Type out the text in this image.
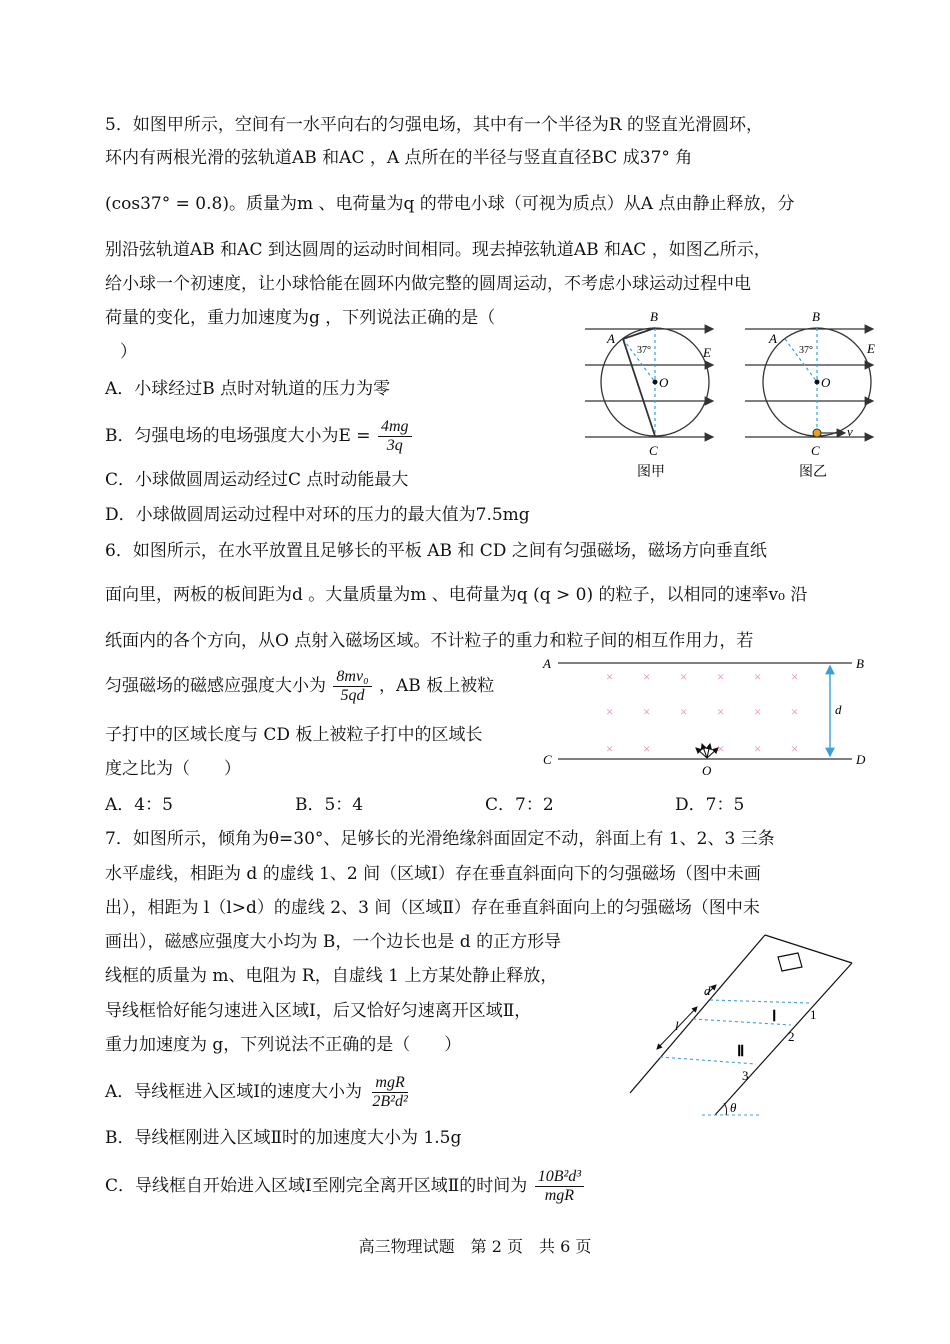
5．如图甲所示，空间有一水平向右的匀强电场，其中有一个半径为R 的竖直光滑圆环，
环内有两根光滑的弦轨道AB 和AC ，A 点所在的半径与竖直直径BC 成37° 角
(cos37° = 0.8)。质量为m 、电荷量为q 的带电小球（可视为质点）从A 点由静止释放，分
别沿弦轨道AB 和AC 到达圆周的运动时间相同。现去掉弦轨道AB 和AC ，如图乙所示，
给小球一个初速度，让小球恰能在圆环内做完整的圆周运动，不考虑小球运动过程中电
荷量的变化，重力加速度为g ，下列说法正确的是（
）
A．小球经过B 点时对轨道的压力为零
B．匀强电场的电场强度大小为$E = \frac{4mg}{3q}$
C．小球做圆周运动经过C 点时动能最大
D．小球做圆周运动过程中对环的压力的最大值为7.5mg
B
A
E
O
C
37°
图甲
B
A
E
O
C
v
37°
图乙
6．如图所示，在水平放置且足够长的平板 AB 和 CD 之间有匀强磁场，磁场方向垂直纸
面向里，两板的板间距为d 。大量质量为m 、电荷量为q (q > 0) 的粒子，以相同的速率v₀ 沿
纸面内的各个方向，从O 点射入磁场区域。不计粒子的重力和粒子间的相互作用力，若
匀强磁场的磁感应强度大小为 $\frac{\text{8mv₀}}{5qd}$ ，AB 板上被粒
子打中的区域长度与 CD 板上被粒子打中的区域长
度之比为（　　）
A．4：5	B．5：4	C．7：2	D．7：5
× × × × × ×
× × × × × ×
× ×	× × ×
A	B
C	D
d
O
7．如图所示，倾角为θ=30°、足够长的光滑绝缘斜面固定不动，斜面上有 1、2、3 三条
水平虚线，相距为 d 的虚线 1、2 间（区域Ⅰ）存在垂直斜面向下的匀强磁场（图中未画
出），相距为 l（l>d）的虚线 2、3 间（区域Ⅱ）存在垂直斜面向上的匀强磁场（图中未
画出），磁感应强度大小均为 B，一个边长也是 d 的正方形导
线框的质量为 m、电阻为 R，自虚线 1 上方某处静止释放，
导线框恰好能匀速进入区域Ⅰ，后又恰好匀速离开区域Ⅱ，
重力加速度为 g，下列说法不正确的是（　　）
A．导线框进入区域Ⅰ的速度大小为 $\frac{\text{mgR}}{\text{2B²d²}}$
B．导线框刚进入区域Ⅱ时的加速度大小为 1.5g
C．导线框自开始进入区域Ⅰ至刚完全离开区域Ⅱ的时间为 $\frac{\text{10B²d³}}{\text{mgR}}$
d
l
Ⅰ
Ⅱ
1
2
3
θ
高三物理试题　第 2 页　共 6 页
